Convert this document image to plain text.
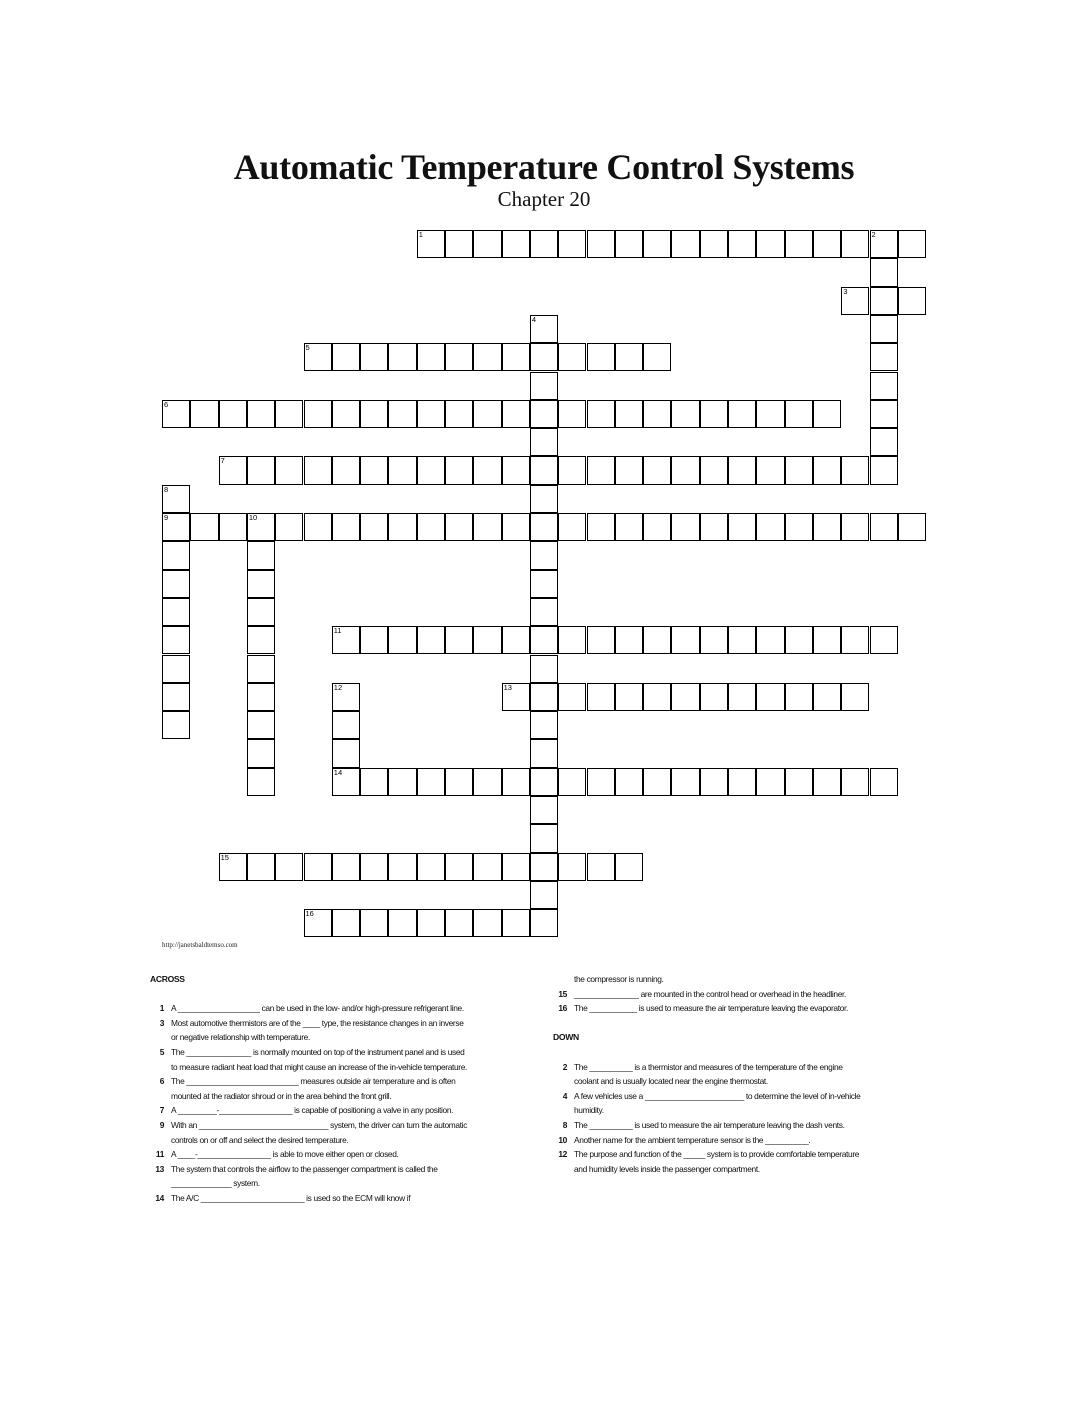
Automatic Temperature Control Systems
Chapter 20
1	2
3
4
5
6
7
8
9	10
11
12
14
13
15
16
http://janetsbaldtemso.com
ACROSS
1 A ___________________ can be used in the low- and/or high-pressure refrigerant line.
3 Most automotive thermistors are of the ____ type, the resistance changes in an inverse or negative relationship with temperature.
5 The _______________ is normally mounted on top of the instrument panel and is used to measure radiant heat load that might cause an increase of the in-vehicle temperature.
6 The __________________________ measures outside air temperature and is often mounted at the radiator shroud or in the area behind the front grill.
7 A _________-_________________ is capable of positioning a valve in any position.
9 With an ______________________________ system, the driver can turn the automatic controls on or off and select the desired temperature.
11 A ____-_________________ is able to move either open or closed.
13 The system that controls the airflow to the passenger compartment is called the ______________ system.
14 The A/C ________________________ is used so the ECM will know if
the compressor is running.
15 _______________ are mounted in the control head or overhead in the headliner.
16 The ___________ is used to measure the air temperature leaving the evaporator.
DOWN
2 The __________ is a thermistor and measures of the temperature of the engine coolant and is usually located near the engine thermostat.
4 A few vehicles use a _______________________ to determine the level of in-vehicle humidity.
8 The __________ is used to measure the air temperature leaving the dash vents.
10 Another name for the ambient temperature sensor is the __________.
12 The purpose and function of the _____ system is to provide comfortable temperature and humidity levels inside the passenger compartment.
